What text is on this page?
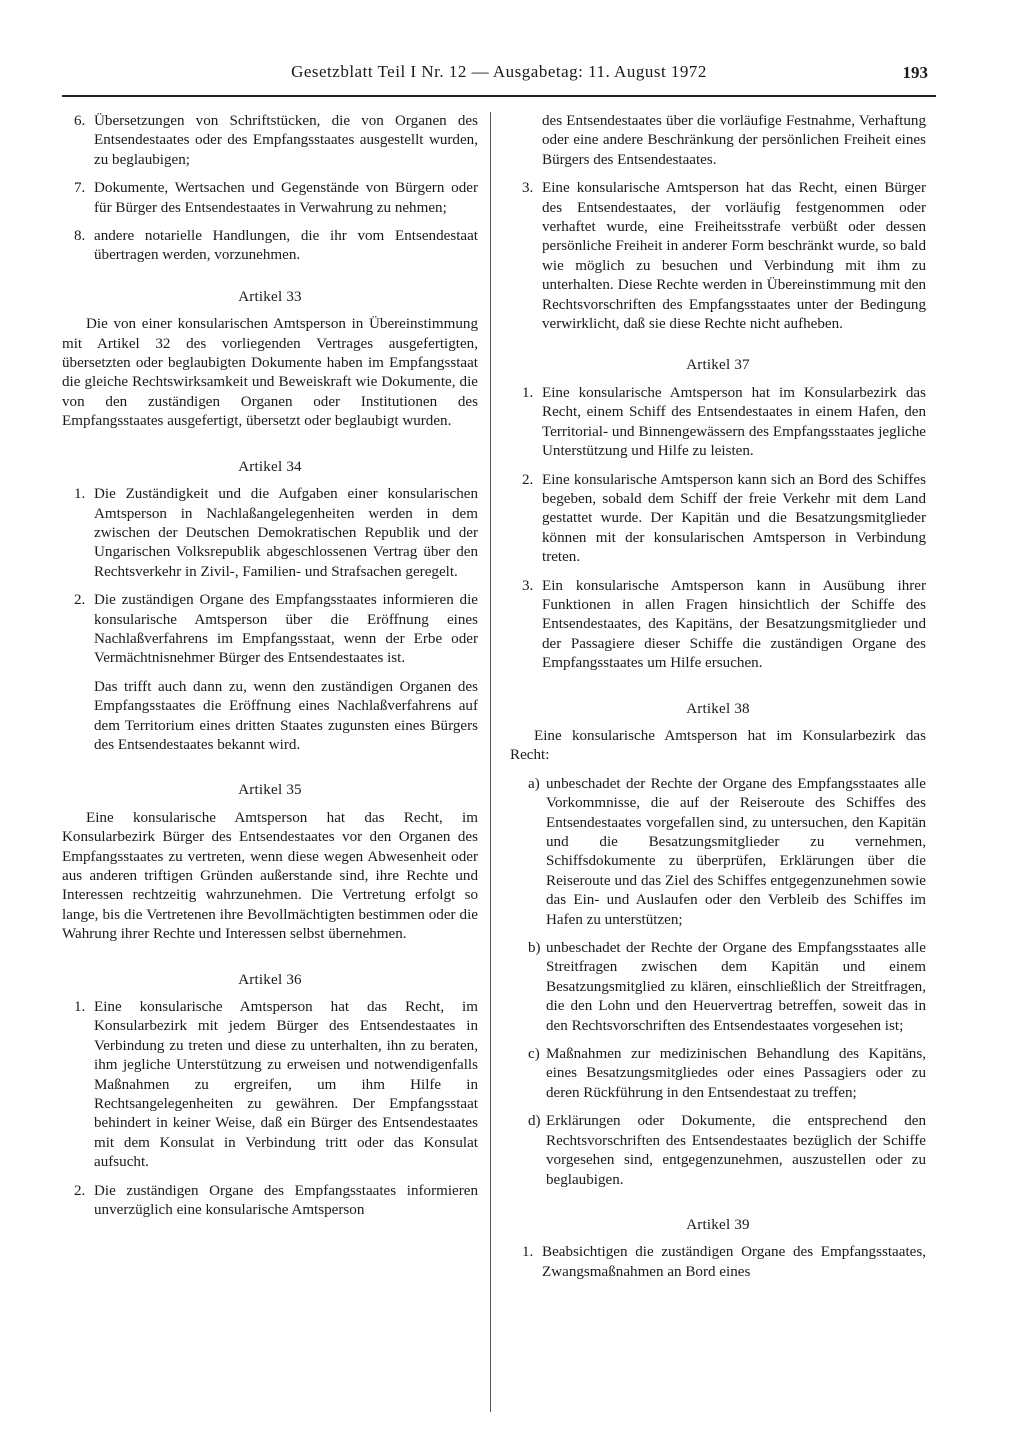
Gesetzblatt Teil I Nr. 12 — Ausgabetag: 11. August 1972	193
6. Übersetzungen von Schriftstücken, die von Organen des Entsendestaates oder des Empfangsstaates ausgestellt wurden, zu beglaubigen;
7. Dokumente, Wertsachen und Gegenstände von Bürgern oder für Bürger des Entsendestaates in Verwahrung zu nehmen;
8. andere notarielle Handlungen, die ihr vom Entsendestaat übertragen werden, vorzunehmen.
Artikel 33

Die von einer konsularischen Amtsperson in Übereinstimmung mit Artikel 32 des vorliegenden Vertrages ausgefertigten, übersetzten oder beglaubigten Dokumente haben im Empfangsstaat die gleiche Rechtswirksamkeit und Beweiskraft wie Dokumente, die von den zuständigen Organen oder Institutionen des Empfangsstaates ausgefertigt, übersetzt oder beglaubigt wurden.

Artikel 34
1. Die Zuständigkeit und die Aufgaben einer konsularischen Amtsperson in Nachlaßangelegenheiten werden in dem zwischen der Deutschen Demokratischen Republik und der Ungarischen Volksrepublik abgeschlossenen Vertrag über den Rechtsverkehr in Zivil-, Familien- und Strafsachen geregelt.
2. Die zuständigen Organe des Empfangsstaates informieren die konsularische Amtsperson über die Eröffnung eines Nachlaßverfahrens im Empfangsstaat, wenn der Erbe oder Vermächtnisnehmer Bürger des Entsendestaates ist.

Das trifft auch dann zu, wenn den zuständigen Organen des Empfangsstaates die Eröffnung eines Nachlaßverfahrens auf dem Territorium eines dritten Staates zugunsten eines Bürgers des Entsendestaates bekannt wird.

Artikel 35

Eine konsularische Amtsperson hat das Recht, im Konsularbezirk Bürger des Entsendestaates vor den Organen des Empfangsstaates zu vertreten, wenn diese wegen Abwesenheit oder aus anderen triftigen Gründen außerstande sind, ihre Rechte und Interessen rechtzeitig wahrzunehmen. Die Vertretung erfolgt so lange, bis die Vertretenen ihre Bevollmächtigten bestimmen oder die Wahrung ihrer Rechte und Interessen selbst übernehmen.

Artikel 36
1. Eine konsularische Amtsperson hat das Recht, im Konsularbezirk mit jedem Bürger des Entsendestaates in Verbindung zu treten und diese zu unterhalten, ihn zu beraten, ihm jegliche Unterstützung zu erweisen und notwendigenfalls Maßnahmen zu ergreifen, um ihm Hilfe in Rechtsangelegenheiten zu gewähren. Der Empfangsstaat behindert in keiner Weise, daß ein Bürger des Entsendestaates mit dem Konsulat in Verbindung tritt oder das Konsulat aufsucht.
2. Die zuständigen Organe des Empfangsstaates informieren unverzüglich eine konsularische Amtsperson

des Entsendestaates über die vorläufige Festnahme, Verhaftung oder eine andere Beschränkung der persönlichen Freiheit eines Bürgers des Entsendestaates.

3. Eine konsularische Amtsperson hat das Recht, einen Bürger des Entsendestaates, der vorläufig festgenommen oder verhaftet wurde, eine Freiheitsstrafe verbüßt oder dessen persönliche Freiheit in anderer Form beschränkt wurde, so bald wie möglich zu besuchen und Verbindung mit ihm zu unterhalten. Diese Rechte werden in Übereinstimmung mit den Rechtsvorschriften des Empfangsstaates unter der Bedingung verwirklicht, daß sie diese Rechte nicht aufheben.
Artikel 37
1. Eine konsularische Amtsperson hat im Konsularbezirk das Recht, einem Schiff des Entsendestaates in einem Hafen, den Territorial- und Binnengewässern des Empfangsstaates jegliche Unterstützung und Hilfe zu leisten.
2. Eine konsularische Amtsperson kann sich an Bord des Schiffes begeben, sobald dem Schiff der freie Verkehr mit dem Land gestattet wurde. Der Kapitän und die Besatzungsmitglieder können mit der konsularischen Amtsperson in Verbindung treten.
3. Ein konsularische Amtsperson kann in Ausübung ihrer Funktionen in allen Fragen hinsichtlich der Schiffe des Entsendestaates, des Kapitäns, der Besatzungsmitglieder und der Passagiere dieser Schiffe die zuständigen Organe des Empfangsstaates um Hilfe ersuchen.
Artikel 38

Eine konsularische Amtsperson hat im Konsularbezirk das Recht:

a) unbeschadet der Rechte der Organe des Empfangsstaates alle Vorkommnisse, die auf der Reiseroute des Schiffes des Entsendestaates vorgefallen sind, zu untersuchen, den Kapitän und die Besatzungsmitglieder zu vernehmen, Schiffsdokumente zu überprüfen, Erklärungen über die Reiseroute und das Ziel des Schiffes entgegenzunehmen sowie das Ein- und Auslaufen oder den Verbleib des Schiffes im Hafen zu unterstützen;
b) unbeschadet der Rechte der Organe des Empfangsstaates alle Streitfragen zwischen dem Kapitän und einem Besatzungsmitglied zu klären, einschließlich der Streitfragen, die den Lohn und den Heuervertrag betreffen, soweit das in den Rechtsvorschriften des Entsendestaates vorgesehen ist;
c) Maßnahmen zur medizinischen Behandlung des Kapitäns, eines Besatzungsmitgliedes oder eines Passagiers oder zu deren Rückführung in den Entsendestaat zu treffen;
d) Erklärungen oder Dokumente, die entsprechend den Rechtsvorschriften des Entsendestaates bezüglich der Schiffe vorgesehen sind, entgegenzunehmen, auszustellen oder zu beglaubigen.
Artikel 39
1. Beabsichtigen die zuständigen Organe des Empfangsstaates, Zwangsmaßnahmen an Bord eines
